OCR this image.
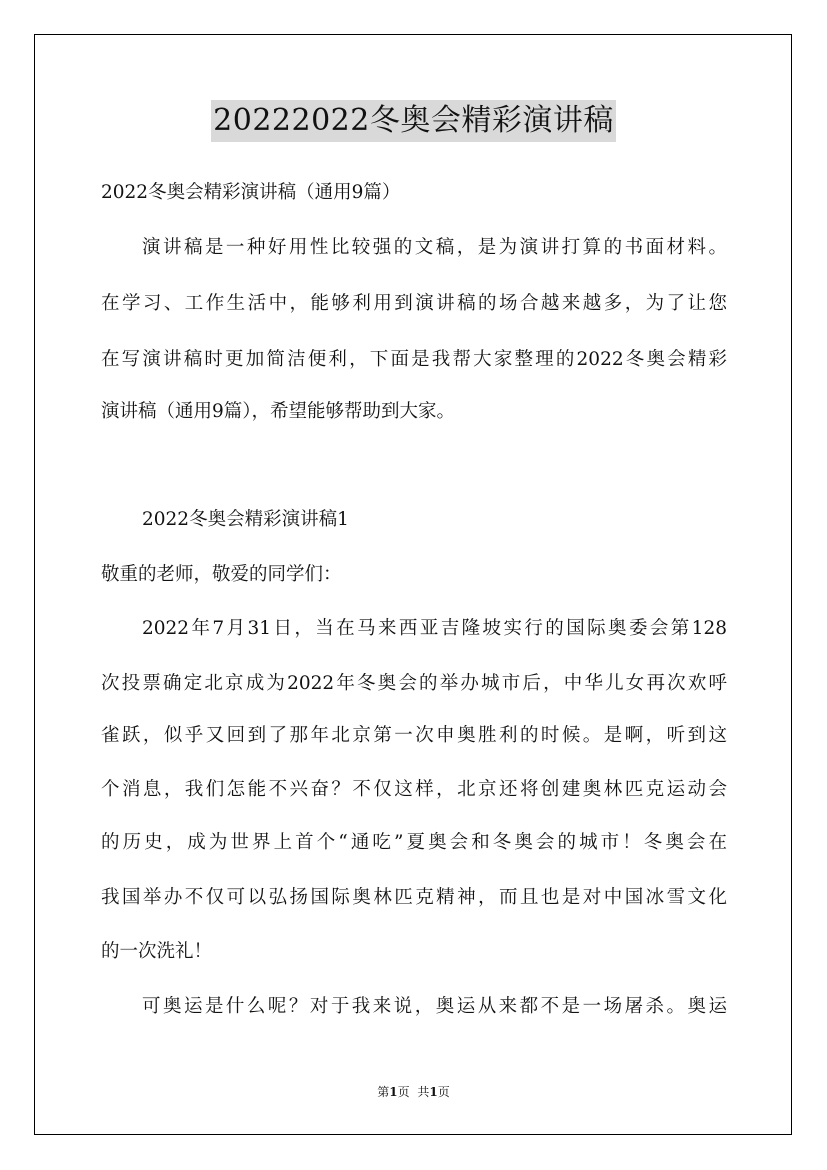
20222022冬奥会精彩演讲稿
2022冬奥会精彩演讲稿（通用9篇）
演讲稿是一种好用性比较强的文稿，是为演讲打算的书面材料。
在学习、工作生活中，能够利用到演讲稿的场合越来越多，为了让您
在写演讲稿时更加简洁便利，下面是我帮大家整理的2022冬奥会精彩
演讲稿（通用9篇），希望能够帮助到大家。
2022冬奥会精彩演讲稿1
敬重的老师，敬爱的同学们：
2022年7月31日，当在马来西亚吉隆坡实行的国际奥委会第128
次投票确定北京成为2022年冬奥会的举办城市后，中华儿女再次欢呼
雀跃，似乎又回到了那年北京第一次申奥胜利的时候。是啊，听到这
个消息，我们怎能不兴奋？不仅这样，北京还将创建奥林匹克运动会
的历史，成为世界上首个“通吃”夏奥会和冬奥会的城市！冬奥会在
我国举办不仅可以弘扬国际奥林匹克精神，而且也是对中国冰雪文化
的一次洗礼！
可奥运是什么呢？对于我来说，奥运从来都不是一场屠杀。奥运
第1页 共1页
